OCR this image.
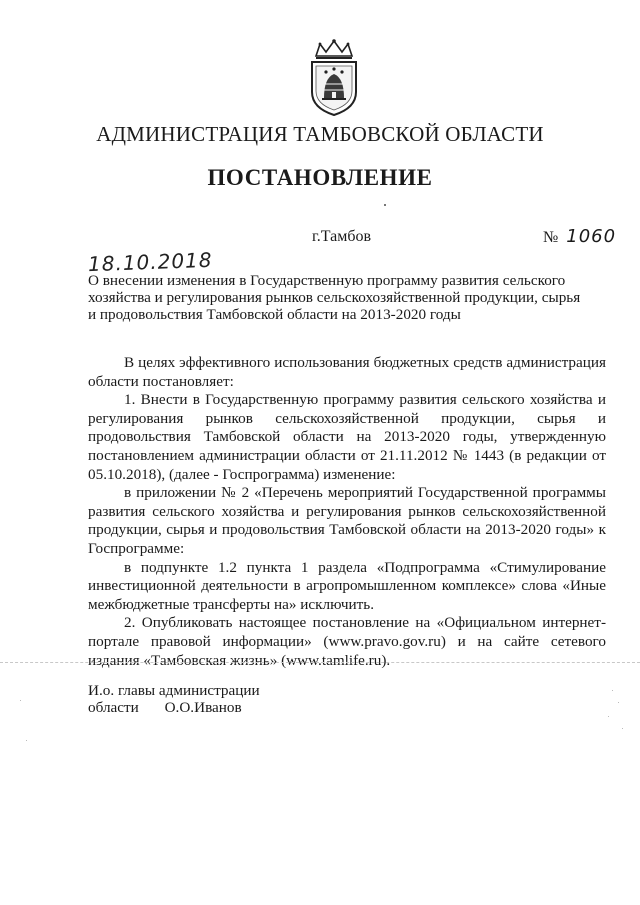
АДМИНИСТРАЦИЯ ТАМБОВСКОЙ ОБЛАСТИ
ПОСТАНОВЛЕНИЕ
г.Тамбов	№ 1060
18.10.2018
О внесении изменения в Государственную программу развития сельского
хозяйства и регулирования рынков сельскохозяйственной продукции, сырья
и продовольствия Тамбовской области на 2013-2020 годы

В целях эффективного использования бюджетных средств администрация области постановляет:

1. Внести в Государственную программу развития сельского хозяйства и регулирования рынков сельскохозяйственной продукции, сырья и продовольствия Тамбовской области на 2013-2020 годы, утвержденную постановлением администрации области от 21.11.2012 № 1443 (в редакции от 05.10.2018), (далее - Госпрограмма) изменение:

в приложении № 2 «Перечень мероприятий Государственной программы развития сельского хозяйства и регулирования рынков сельскохозяйственной продукции, сырья и продовольствия Тамбовской области на 2013-2020 годы» к Госпрограмме:

в подпункте 1.2 пункта 1 раздела «Подпрограмма «Стимулирование инвестиционной деятельности в агропромышленном комплексе» слова «Иные межбюджетные трансферты на» исключить.

2. Опубликовать настоящее постановление на «Официальном интернет-портале правовой информации» (www.pravo.gov.ru) и на сайте сетевого издания «Тамбовская жизнь» (www.tamlife.ru).

И.о. главы администрации
области О.О.Иванов
